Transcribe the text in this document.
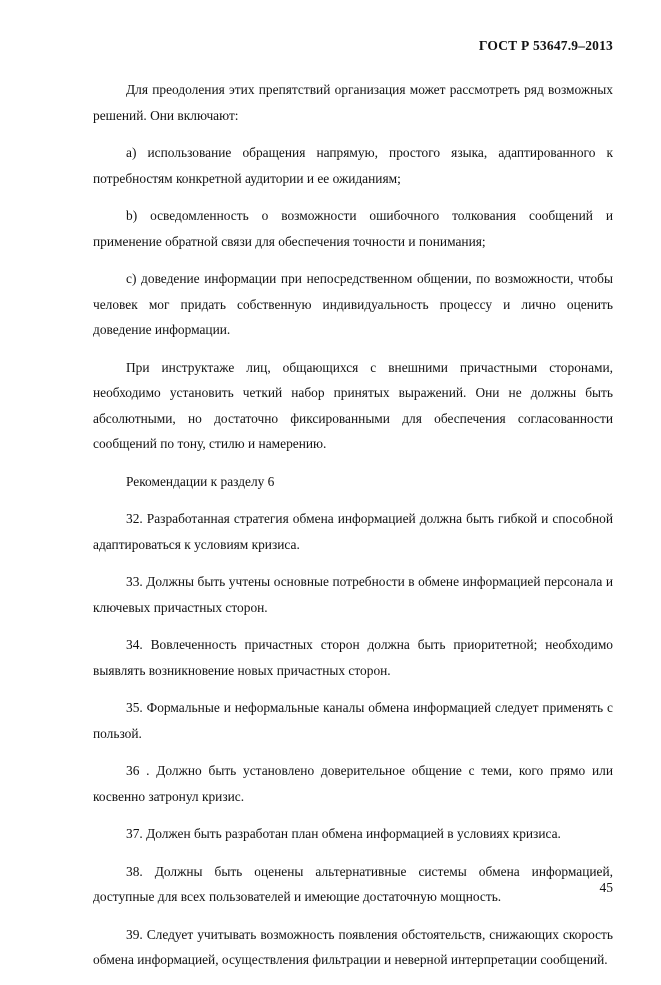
ГОСТ Р 53647.9–2013

Для преодоления этих препятствий организация может рассмотреть ряд возможных решений. Они включают:

a) использование обращения напрямую, простого языка, адаптированного к потребностям конкретной аудитории и ее ожиданиям;

b) осведомленность о возможности ошибочного толкования сообщений и применение обратной связи для обеспечения точности и понимания;

c) доведение информации при непосредственном общении, по возможности, чтобы человек мог придать собственную индивидуальность процессу и лично оценить доведение информации.

При инструктаже лиц, общающихся с внешними причастными сторонами, необходимо установить четкий набор принятых выражений. Они не должны быть абсолютными, но достаточно фиксированными для обеспечения согласованности сообщений по тону, стилю и намерению.

Рекомендации к разделу 6

32. Разработанная стратегия обмена информацией должна быть гибкой и способной адаптироваться к условиям кризиса.

33. Должны быть учтены основные потребности в обмене информацией персонала и ключевых причастных сторон.

34. Вовлеченность причастных сторон должна быть приоритетной; необходимо выявлять возникновение новых причастных сторон.

35. Формальные и неформальные каналы обмена информацией следует применять с пользой.

36 . Должно быть установлено доверительное общение с теми, кого прямо или косвенно затронул кризис.

37. Должен быть разработан план обмена информацией в условиях кризиса.

38. Должны быть оценены альтернативные системы обмена информацией, доступные для всех пользователей и имеющие достаточную мощность.

39. Следует учитывать возможность появления обстоятельств, снижающих скорость обмена информацией, осуществления фильтрации и неверной интерпретации сообщений.

45
